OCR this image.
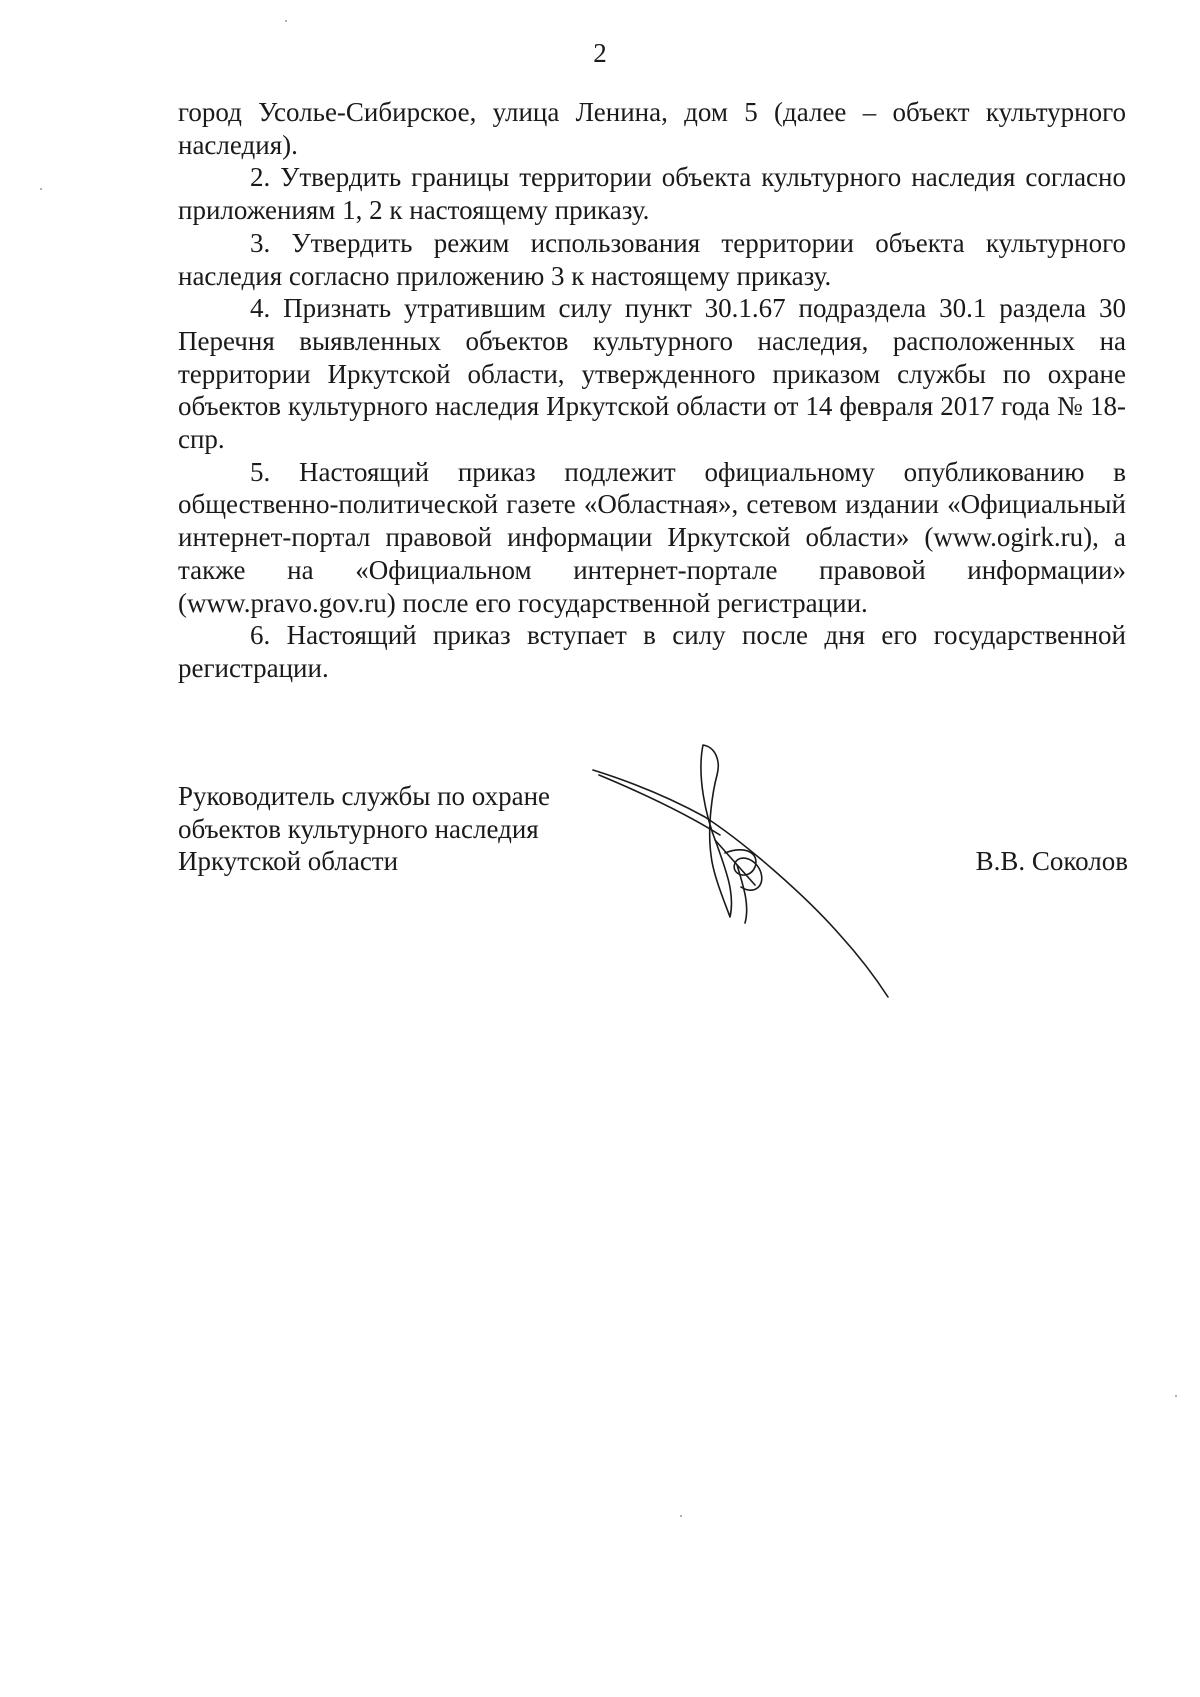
2

город Усолье-Сибирское, улица Ленина, дом 5 (далее – объект культурного наследия).

2. Утвердить границы территории объекта культурного наследия согласно приложениям 1, 2 к настоящему приказу.

3. Утвердить режим использования территории объекта культурного наследия согласно приложению 3 к настоящему приказу.

4. Признать утратившим силу пункт 30.1.67 подраздела 30.1 раздела 30 Перечня выявленных объектов культурного наследия, расположенных на территории Иркутской области, утвержденного приказом службы по охране объектов культурного наследия Иркутской области от 14 февраля 2017 года № 18-спр.

5. Настоящий приказ подлежит официальному опубликованию в общественно-политической газете «Областная», сетевом издании «Официальный интернет-портал правовой информации Иркутской области» (www.ogirk.ru), а также на «Официальном интернет-портале правовой информации» (www.pravo.gov.ru) после его государственной регистрации.

6. Настоящий приказ вступает в силу после дня его государственной регистрации.

Руководитель службы по охране
объектов культурного наследия
Иркутской области	В.В. Соколов
